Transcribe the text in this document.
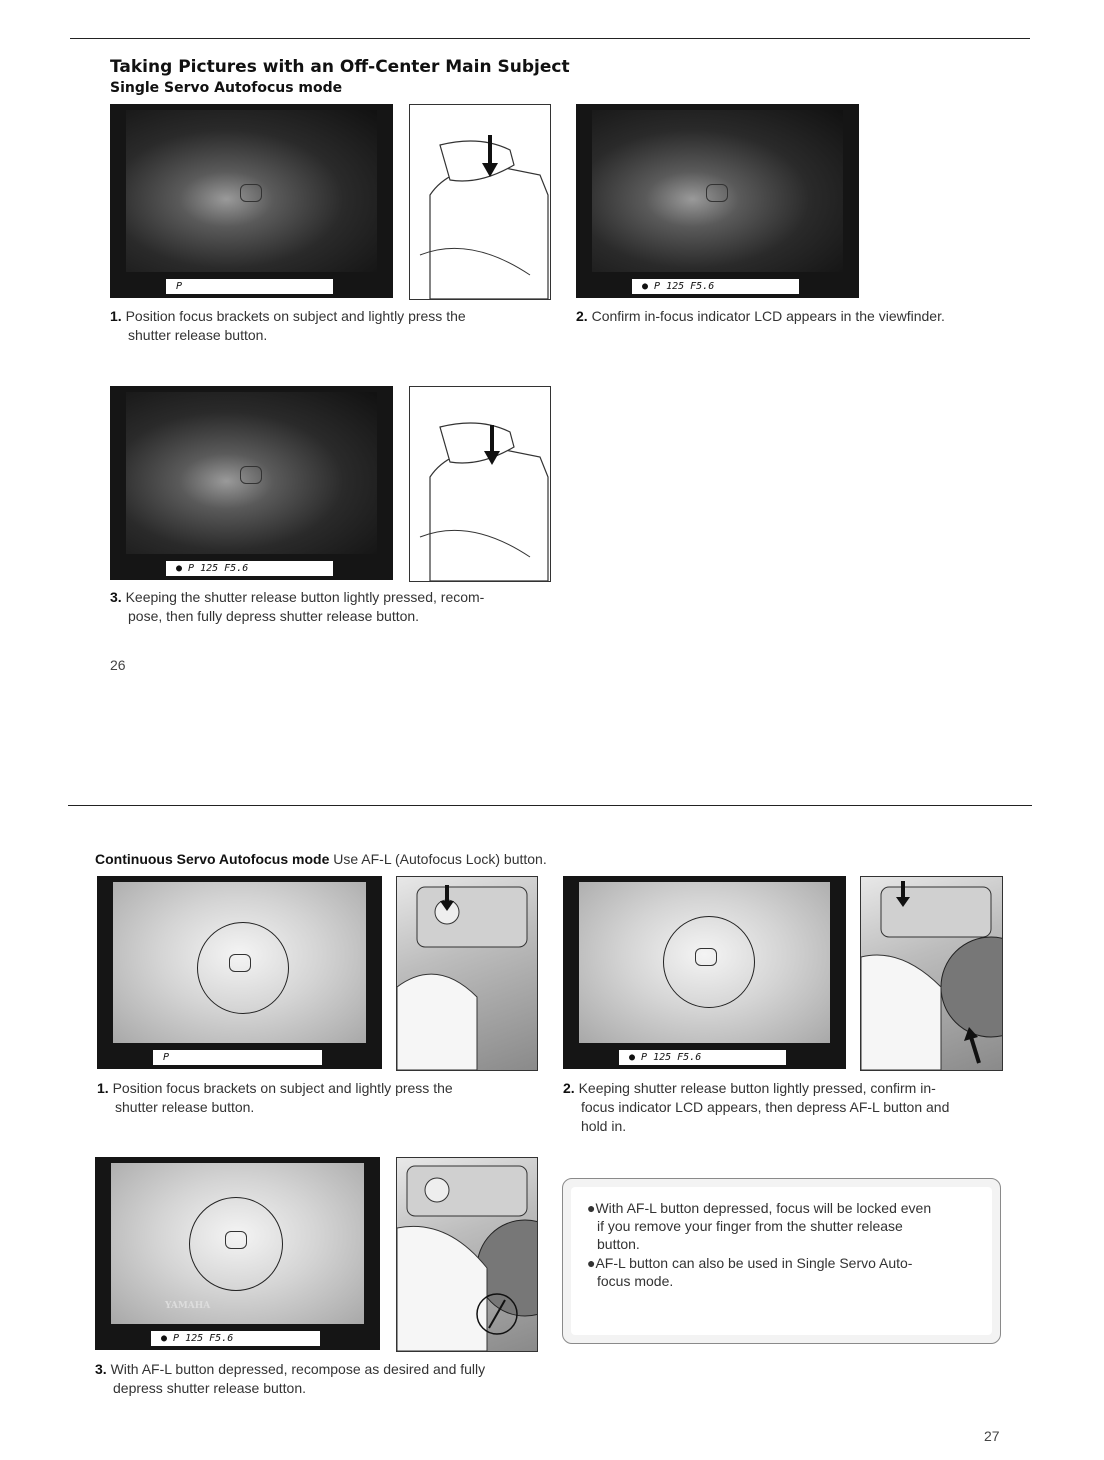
Taking Pictures with an Off-Center Main Subject
Single Servo Autofocus mode
P	● P 125 F5.6
1. Position focus brackets on subject and lightly press the
shutter release button.
2. Confirm in-focus indicator LCD appears in the viewfinder.
● P 125 F5.6
3. Keeping the shutter release button lightly pressed, recom-
pose, then fully depress shutter release button.
26
Continuous Servo Autofocus mode Use AF-L (Autofocus Lock) button.
P	● P 125 F5.6
1. Position focus brackets on subject and lightly press the
shutter release button.
2. Keeping shutter release button lightly pressed, confirm in-
focus indicator LCD appears, then depress AF-L button and
hold in.
YAMAHA
● P 125 F5.6
3. With AF-L button depressed, recompose as desired and fully
depress shutter release button.
●With AF-L button depressed, focus will be locked even
if you remove your finger from the shutter release
button.
●AF-L button can also be used in Single Servo Auto-
focus mode.
27
